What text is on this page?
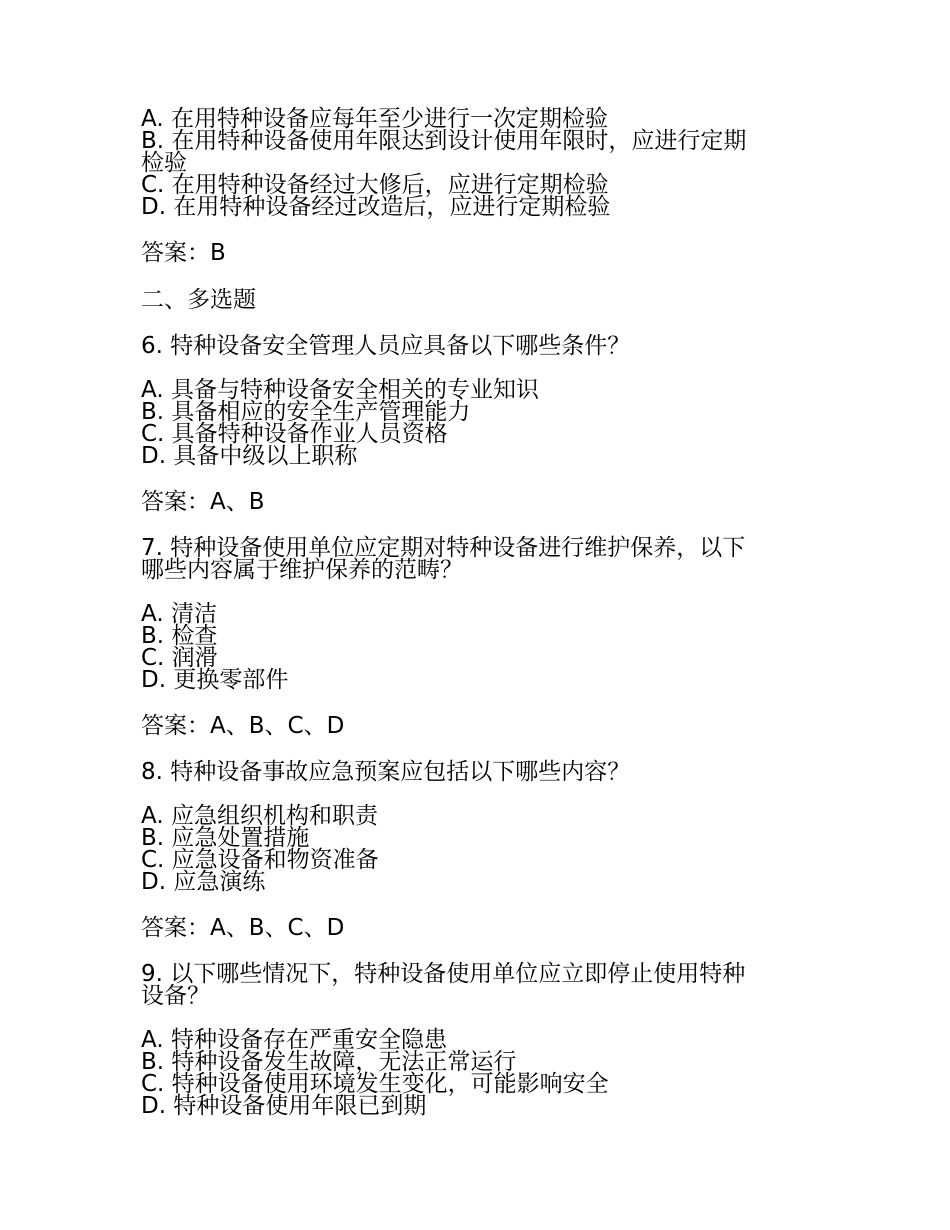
A. 在用特种设备应每年至少进行一次定期检验

B. 在用特种设备使用年限达到设计使用年限时，应进行定期

检验

C. 在用特种设备经过大修后，应进行定期检验

D. 在用特种设备经过改造后，应进行定期检验

答案：B

二、多选题

6. 特种设备安全管理人员应具备以下哪些条件？

A. 具备与特种设备安全相关的专业知识

B. 具备相应的安全生产管理能力

C. 具备特种设备作业人员资格

D. 具备中级以上职称

答案：A、B

7. 特种设备使用单位应定期对特种设备进行维护保养，以下

哪些内容属于维护保养的范畴？

A. 清洁

B. 检查

C. 润滑

D. 更换零部件

答案：A、B、C、D

8. 特种设备事故应急预案应包括以下哪些内容？

A. 应急组织机构和职责

B. 应急处置措施

C. 应急设备和物资准备

D. 应急演练

答案：A、B、C、D

9. 以下哪些情况下，特种设备使用单位应立即停止使用特种

设备？

A. 特种设备存在严重安全隐患

B. 特种设备发生故障，无法正常运行

C. 特种设备使用环境发生变化，可能影响安全

D. 特种设备使用年限已到期
